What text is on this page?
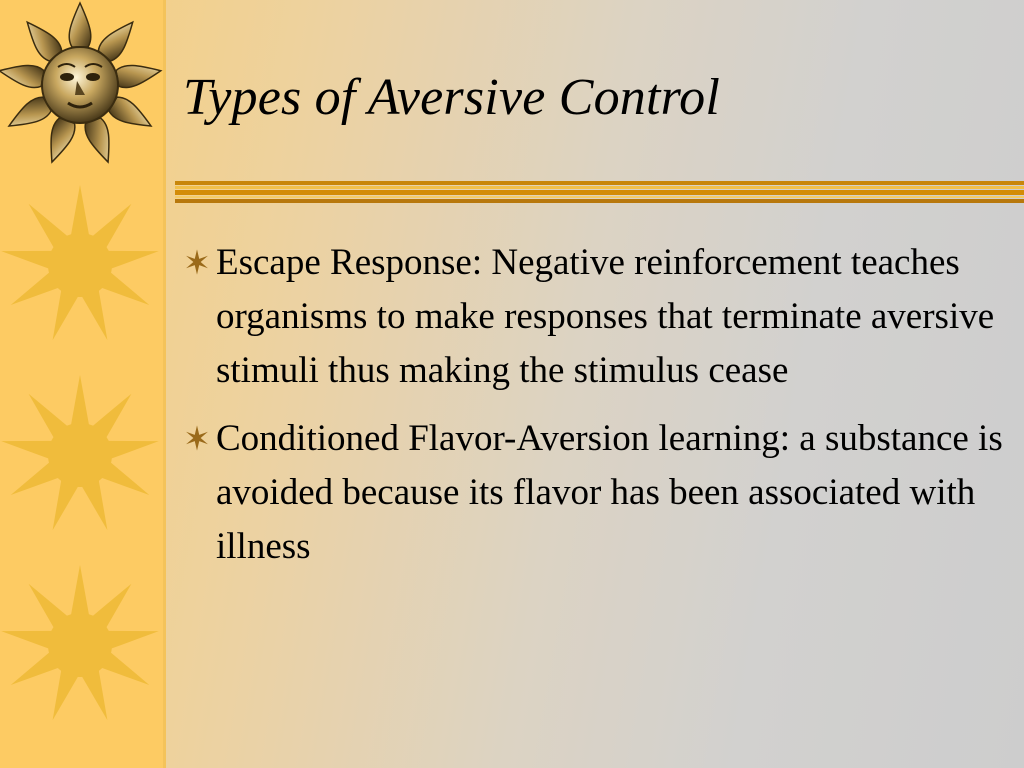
Types of Aversive Control
Escape Response: Negative reinforcement teaches organisms to make responses that terminate aversive stimuli thus making the stimulus cease
Conditioned Flavor-Aversion learning: a substance is avoided because its flavor has been associated with illness
